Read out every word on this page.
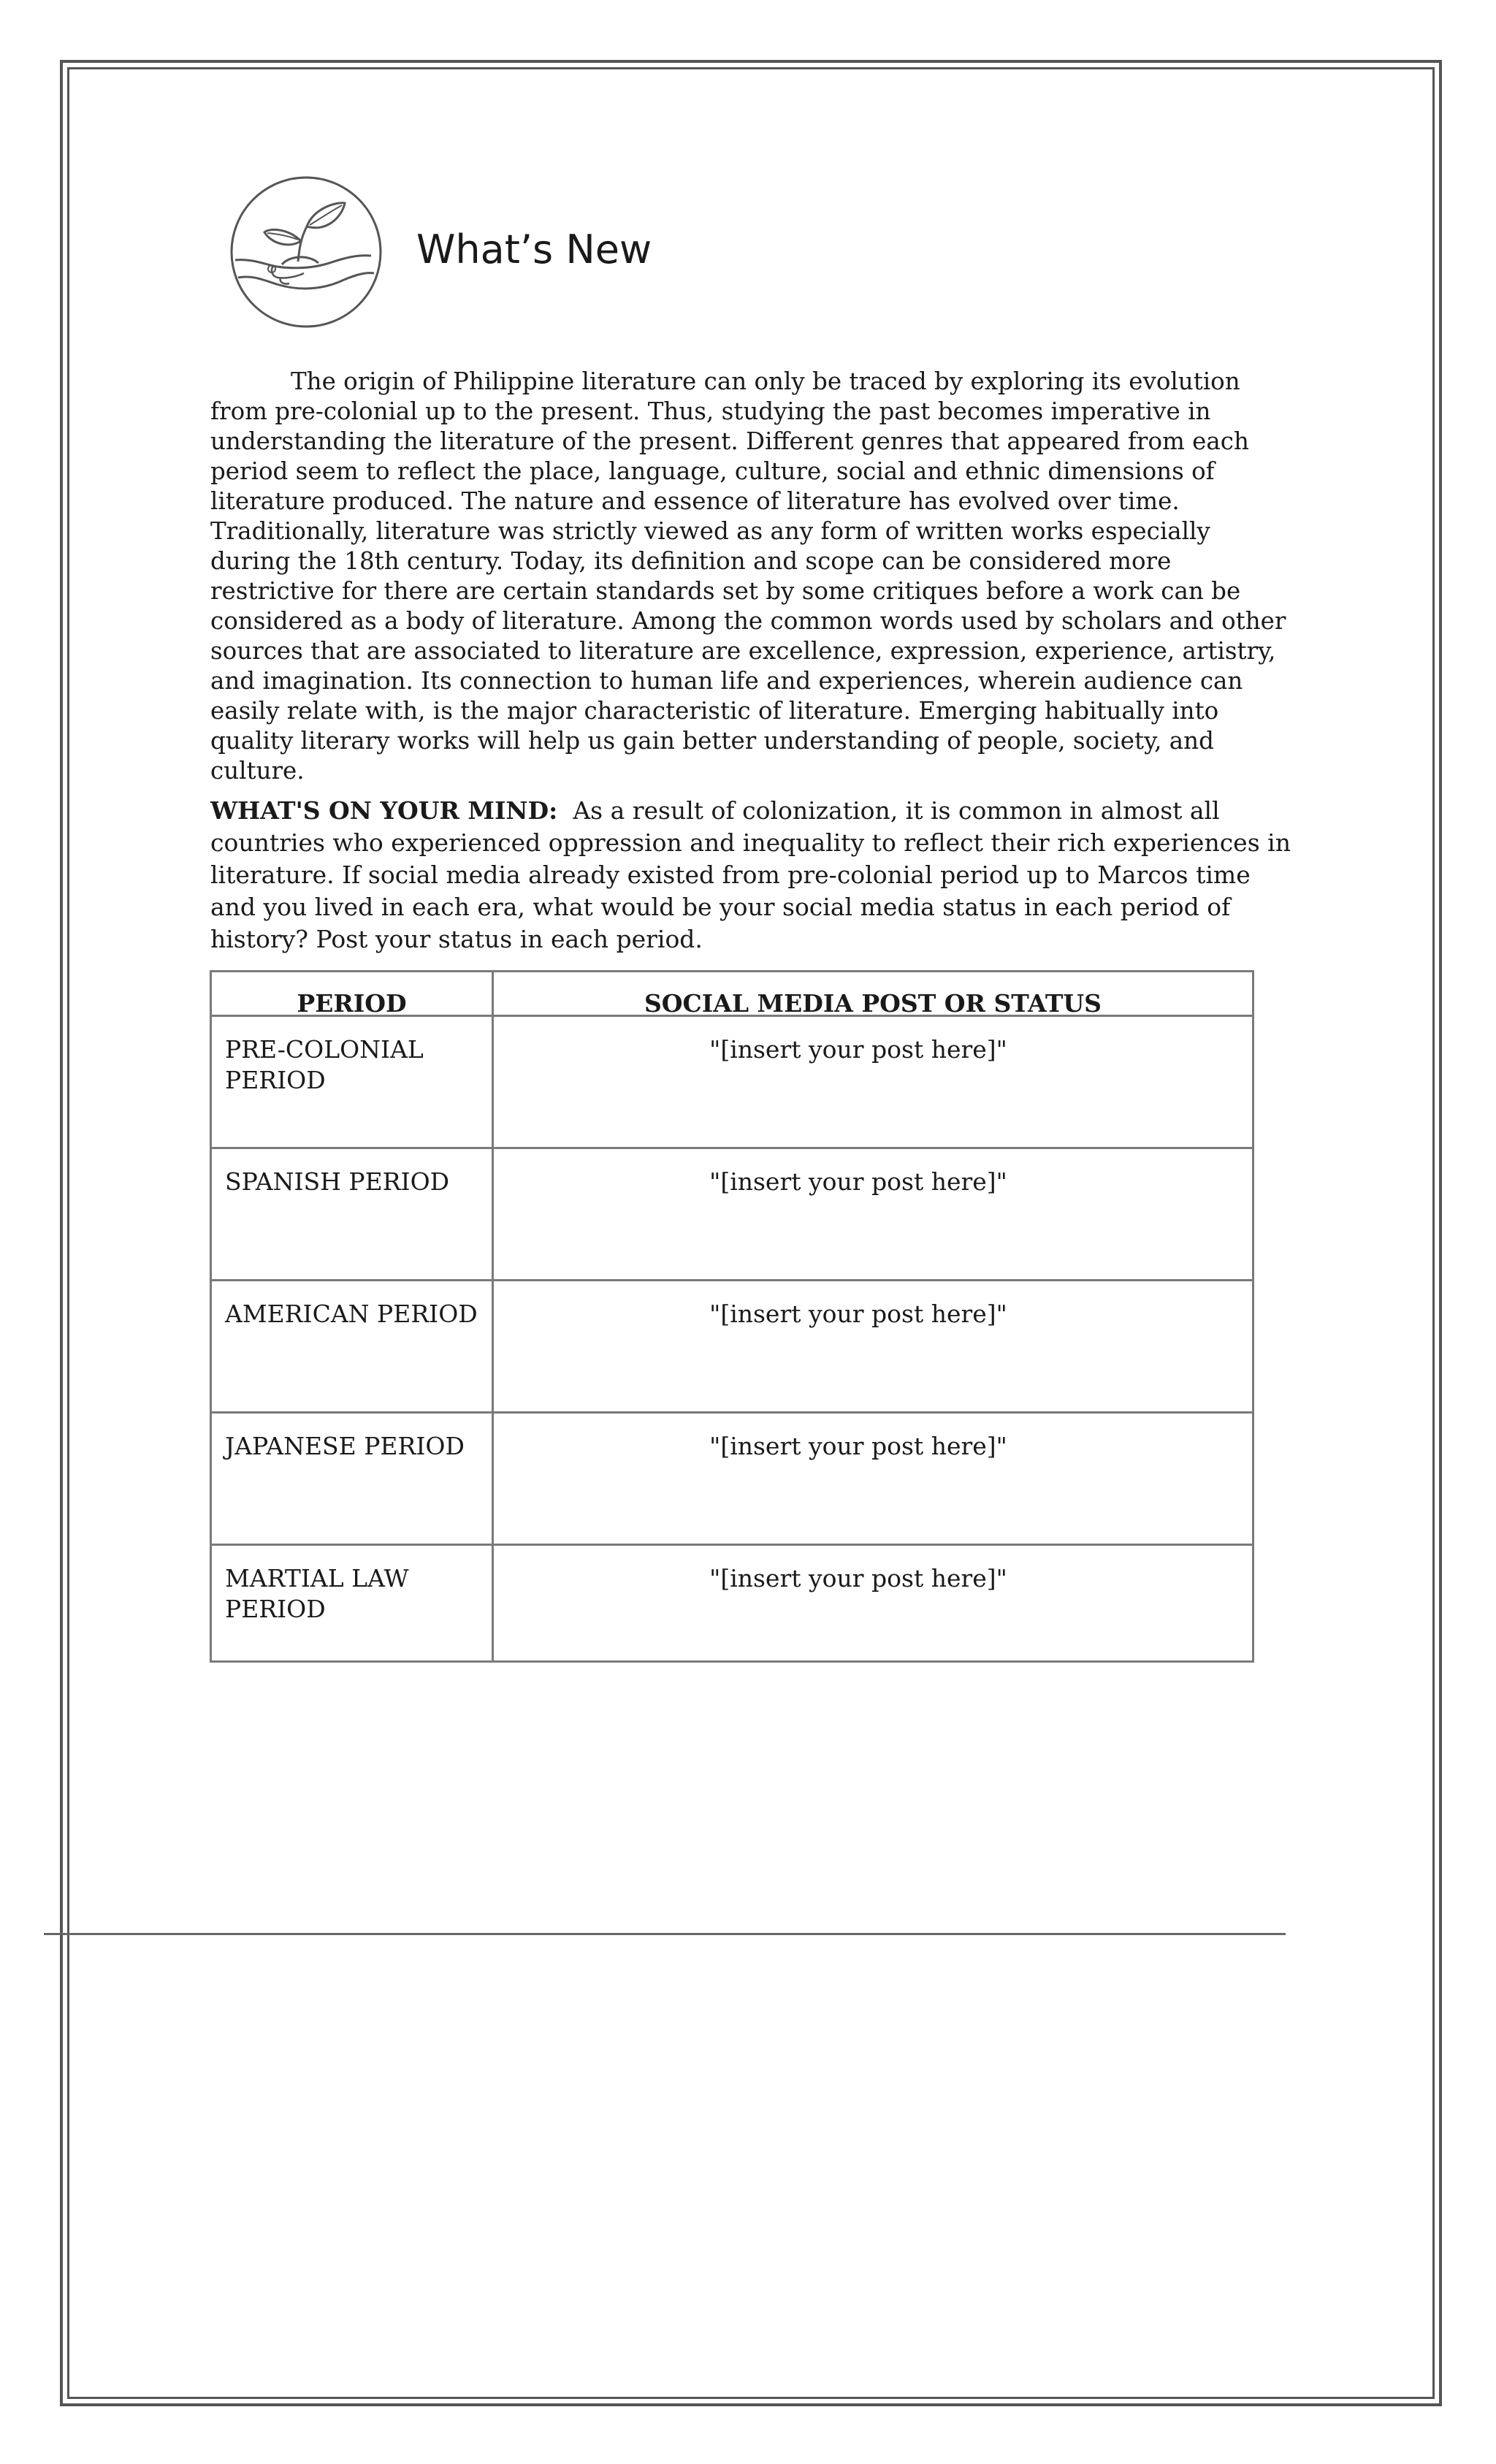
What’s New

The origin of Philippine literature can only be traced by exploring its evolution from pre-colonial up to the present. Thus, studying the past becomes imperative in understanding the literature of the present. Different genres that appeared from each period seem to reflect the place, language, culture, social and ethnic dimensions of literature produced. The nature and essence of literature has evolved over time. Traditionally, literature was strictly viewed as any form of written works especially during the 18th century. Today, its definition and scope can be considered more restrictive for there are certain standards set by some critiques before a work can be considered as a body of literature. Among the common words used by scholars and other sources that are associated to literature are excellence, expression, experience, artistry, and imagination. Its connection to human life and experiences, wherein audience can easily relate with, is the major characteristic of literature. Emerging habitually into quality literary works will help us gain better understanding of people, society, and culture.

WHAT'S ON YOUR MIND: As a result of colonization, it is common in almost all countries who experienced oppression and inequality to reflect their rich experiences in literature. If social media already existed from pre-colonial period up to Marcos time and you lived in each era, what would be your social media status in each period of history? Post your status in each period.

PERIOD	SOCIAL MEDIA POST OR STATUS
PRE-COLONIAL PERIOD	"[insert your post here]"
SPANISH PERIOD	"[insert your post here]"
AMERICAN PERIOD	"[insert your post here]"
JAPANESE PERIOD	"[insert your post here]"
MARTIAL LAW PERIOD	"[insert your post here]"
